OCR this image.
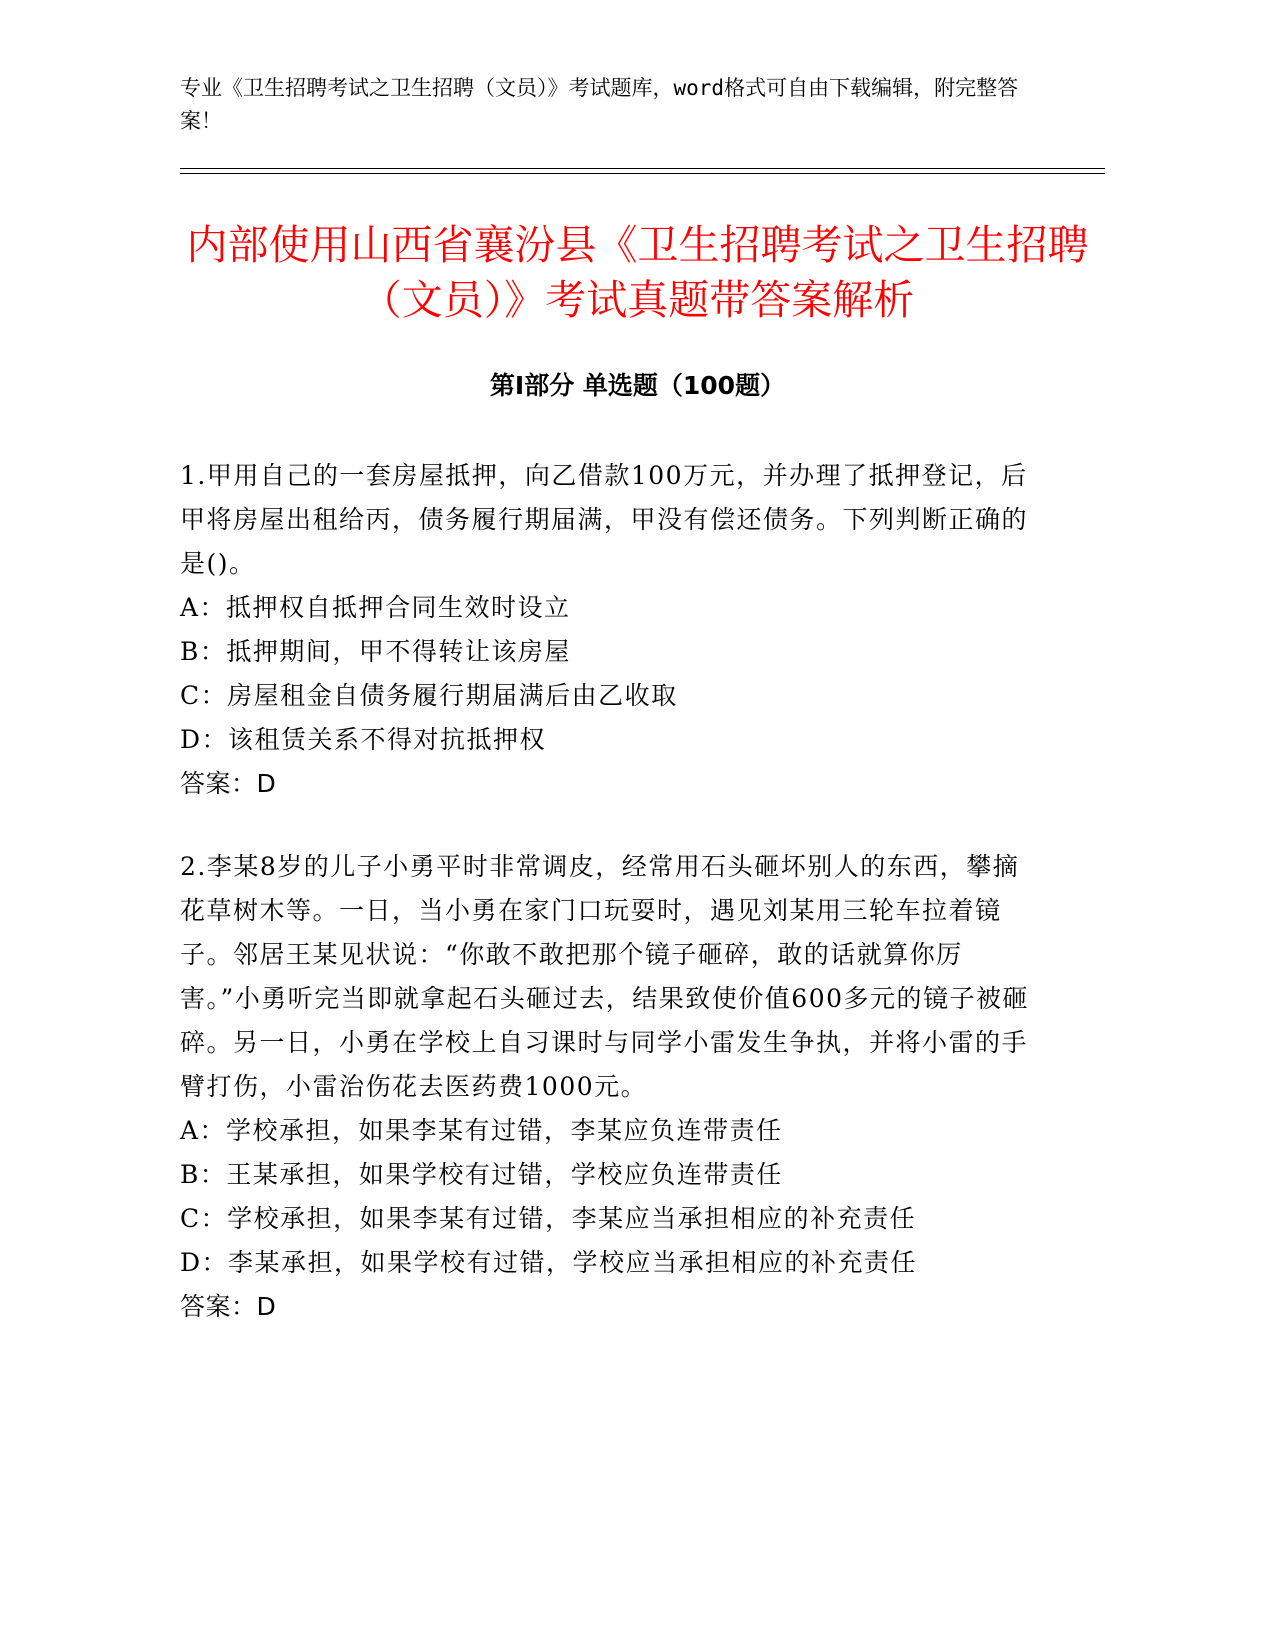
专业《卫生招聘考试之卫生招聘（文员）》考试题库，word格式可自由下载编辑，附完整答案！

内部使用山西省襄汾县《卫生招聘考试之卫生招聘（文员）》考试真题带答案解析
第Ⅰ部分 单选题（100题）

1.甲用自己的一套房屋抵押，向乙借款100万元，并办理了抵押登记，后甲将房屋出租给丙，债务履行期届满，甲没有偿还债务。下列判断正确的是()。

A：抵押权自抵押合同生效时设立

B：抵押期间，甲不得转让该房屋

C：房屋租金自债务履行期届满后由乙收取

D：该租赁关系不得对抗抵押权

答案：D

2.李某8岁的儿子小勇平时非常调皮，经常用石头砸坏别人的东西，攀摘花草树木等。一日，当小勇在家门口玩耍时，遇见刘某用三轮车拉着镜子。邻居王某见状说：“你敢不敢把那个镜子砸碎，敢的话就算你厉害。”小勇听完当即就拿起石头砸过去，结果致使价值600多元的镜子被砸碎。另一日，小勇在学校上自习课时与同学小雷发生争执，并将小雷的手臂打伤，小雷治伤花去医药费1000元。

A：学校承担，如果李某有过错，李某应负连带责任

B：王某承担，如果学校有过错，学校应负连带责任

C：学校承担，如果李某有过错，李某应当承担相应的补充责任

D：李某承担，如果学校有过错，学校应当承担相应的补充责任

答案：D
